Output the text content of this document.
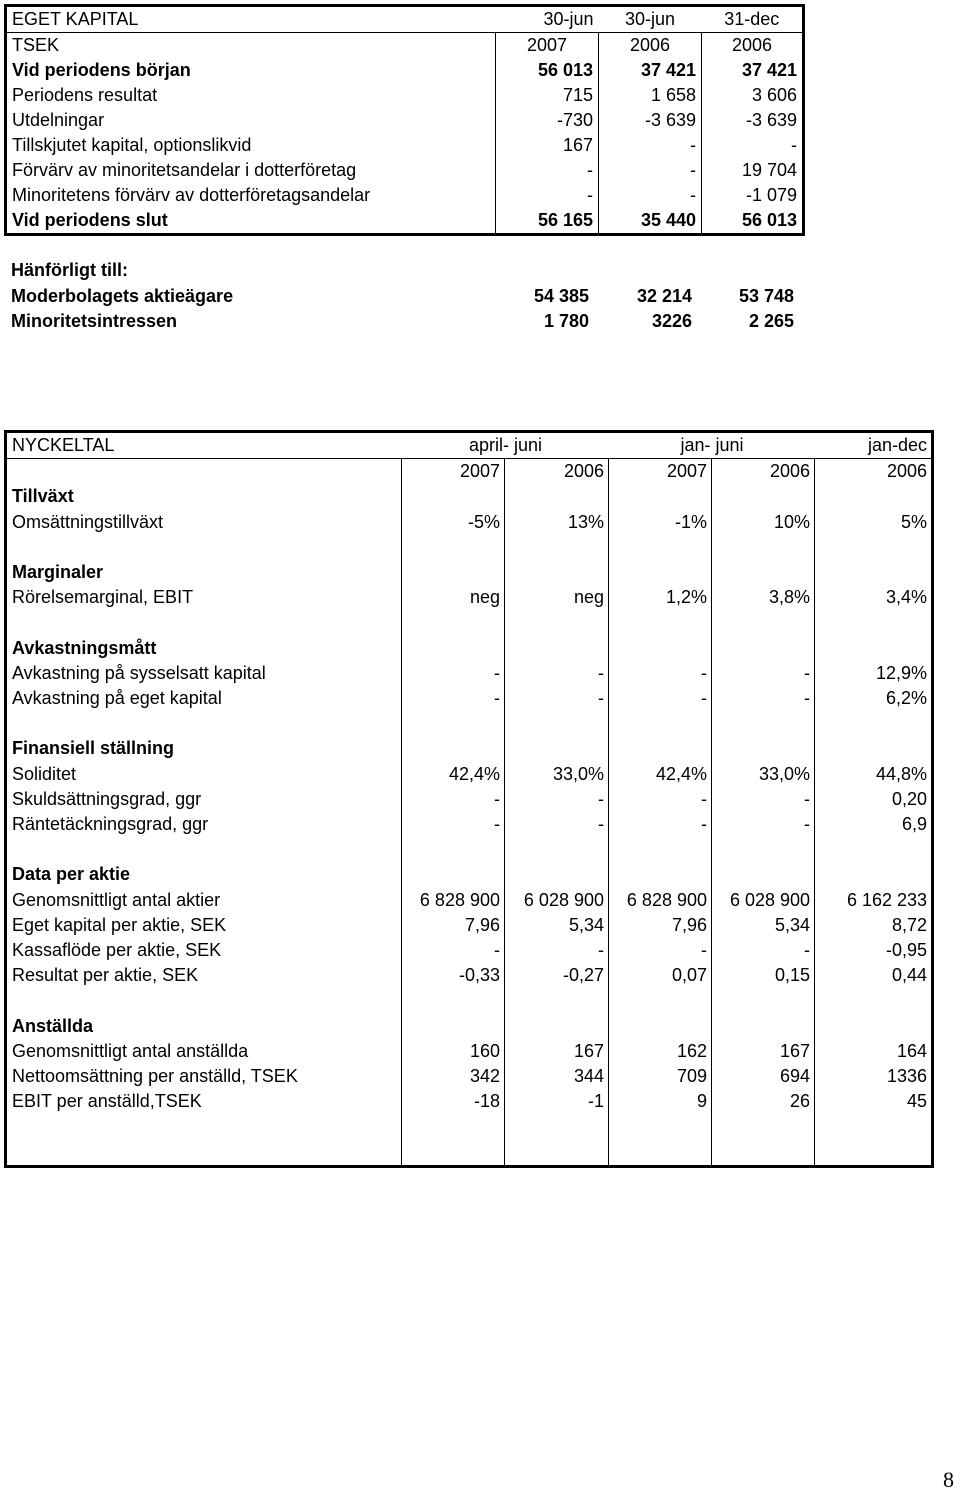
EGET KAPITAL	30-jun	30-jun	31-dec
TSEK	2007	2006	2006
Vid periodens början	56 013	37 421	37 421
Periodens resultat	715	1 658	3 606
Utdelningar	-730	-3 639	-3 639
Tillskjutet kapital, optionslikvid	167	-	-
Förvärv av minoritetsandelar i dotterföretag	-	-	19 704
Minoritetens förvärv av dotterföretagsandelar	-	-	-1 079
Vid periodens slut	56 165	35 440	56 013
Hänförligt till:			
Moderbolagets aktieägare	54 385	32 214	53 748
Minoritetsintressen	1 780	3226	2 265
NYCKELTAL	april- juni		jan- juni		jan-dec
	2007	2006	2007	2006	2006
Tillväxt					
Omsättningstillväxt	-5%	13%	-1%	10%	5%

Marginaler					
Rörelsemarginal, EBIT	neg	neg	1,2%	3,8%	3,4%

Avkastningsmått					
Avkastning på sysselsatt kapital	-	-	-	-	12,9%
Avkastning på eget kapital	-	-	-	-	6,2%

Finansiell ställning					
Soliditet	42,4%	33,0%	42,4%	33,0%	44,8%
Skuldsättningsgrad, ggr	-	-	-	-	0,20
Räntetäckningsgrad, ggr	-	-	-	-	6,9

Data per aktie					
Genomsnittligt antal aktier	6 828 900	6 028 900	6 828 900	6 028 900	6 162 233
Eget kapital per aktie, SEK	7,96	5,34	7,96	5,34	8,72
Kassaflöde per aktie, SEK	-	-	-	-	-0,95
Resultat per aktie, SEK	-0,33	-0,27	0,07	0,15	0,44

Anställda					
Genomsnittligt antal anställda	160	167	162	167	164
Nettoomsättning per anställd, TSEK	342	344	709	694	1336
EBIT per anställd,TSEK	-18	-1	9	26	45

8
